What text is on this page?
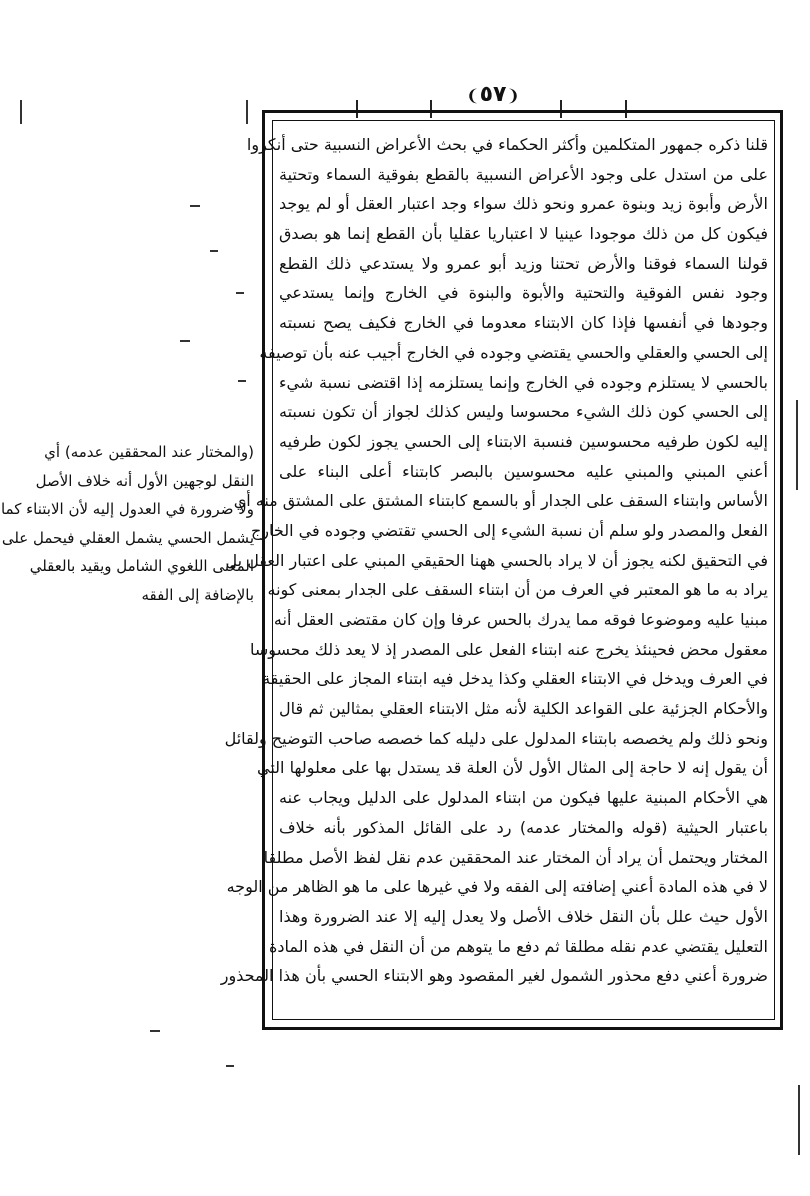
❨٥٧❩
قلنا ذكره جمهور المتكلمين وأكثر الحكماء في بحث الأعراض النسبية حتى أنكروا
على من استدل على وجود الأعراض النسبية بالقطع بفوقية السماء وتحتية
الأرض وأبوة زيد وبنوة عمرو ونحو ذلك سواء وجد اعتبار العقل أو لم يوجد
فيكون كل من ذلك موجودا عينيا لا اعتباريا عقليا بأن القطع إنما هو بصدق
قولنا السماء فوقنا والأرض تحتنا وزيد أبو عمرو ولا يستدعي ذلك القطع
وجود نفس الفوقية والتحتية والأبوة والبنوة في الخارج وإنما يستدعي
وجودها في أنفسها فإذا كان الابتناء معدوما في الخارج فكيف يصح نسبته
إلى الحسي والعقلي والحسي يقتضي وجوده في الخارج أجيب عنه بأن توصيفه
بالحسي لا يستلزم وجوده في الخارج وإنما يستلزمه إذا اقتضى نسبة شيء
إلى الحسي كون ذلك الشيء محسوسا وليس كذلك لجواز أن تكون نسبته
إليه لكون طرفيه محسوسين فنسبة الابتناء إلى الحسي يجوز لكون طرفيه
أعني المبني والمبني عليه محسوسين بالبصر كابتناء أعلى البناء على
الأساس وابتناء السقف على الجدار أو بالسمع كابتناء المشتق على المشتق منه أي
الفعل والمصدر ولو سلم أن نسبة الشيء إلى الحسي تقتضي وجوده في الخارج
في التحقيق لكنه يجوز أن لا يراد بالحسي ههنا الحقيقي المبني على اعتبار العقل بل
يراد به ما هو المعتبر في العرف من أن ابتناء السقف على الجدار بمعنى كونه
مبنيا عليه وموضوعا فوقه مما يدرك بالحس عرفا وإن كان مقتضى العقل أنه
معقول محض فحينئذ يخرج عنه ابتناء الفعل على المصدر إذ لا يعد ذلك محسوسا
في العرف ويدخل في الابتناء العقلي وكذا يدخل فيه ابتناء المجاز على الحقيقة
والأحكام الجزئية على القواعد الكلية لأنه مثل الابتناء العقلي بمثالين ثم قال
ونحو ذلك ولم يخصصه بابتناء المدلول على دليله كما خصصه صاحب التوضيح ولقائل
أن يقول إنه لا حاجة إلى المثال الأول لأن العلة قد يستدل بها على معلولها التي
هي الأحكام المبنية عليها فيكون من ابتناء المدلول على الدليل ويجاب عنه
باعتبار الحيثية (قوله والمختار عدمه) رد على القائل المذكور بأنه خلاف
المختار ويحتمل أن يراد أن المختار عند المحققين عدم نقل لفظ الأصل مطلقا
لا في هذه المادة أعني إضافته إلى الفقه ولا في غيرها على ما هو الظاهر من الوجه
الأول حيث علل بأن النقل خلاف الأصل ولا يعدل إليه إلا عند الضرورة وهذا
التعليل يقتضي عدم نقله مطلقا ثم دفع ما يتوهم من أن النقل في هذه المادة
ضرورة أعني دفع محذور الشمول لغير المقصود وهو الابتناء الحسي بأن هذا المحذور
(والمختار عند المحققين عدمه) أي
النقل لوجهين الأول أنه خلاف الأصل
ولا ضرورة في العدول إليه لأن الابتناء كما
يشمل الحسي يشمل العقلي فيحمل على
المعنى اللغوي الشامل ويقيد بالعقلي
بالإضافة إلى الفقه
